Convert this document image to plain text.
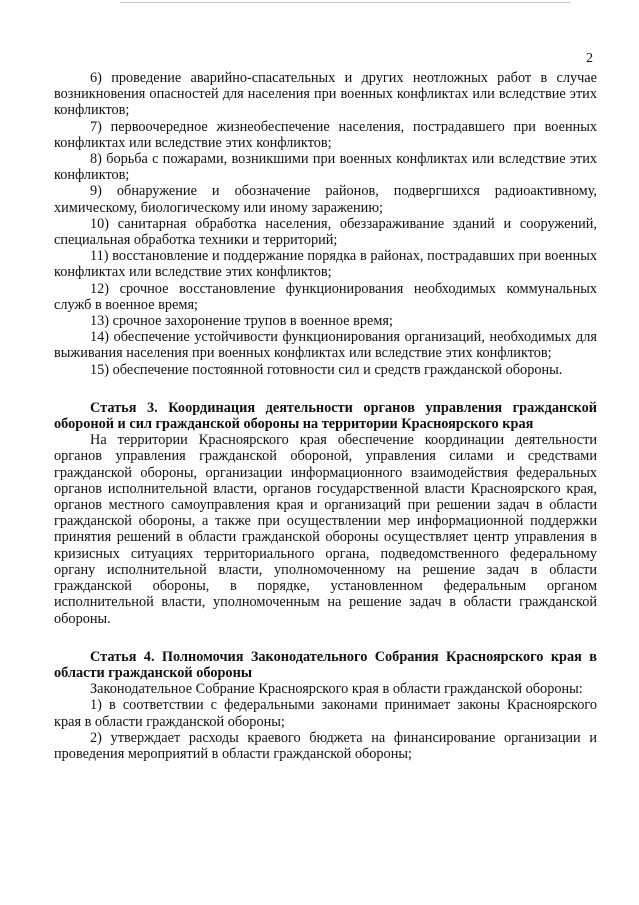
2

6) проведение аварийно-спасательных и других неотложных работ в случае возникновения опасностей для населения при военных конфликтах или вследствие этих конфликтов;

7) первоочередное жизнеобеспечение населения, пострадавшего при военных конфликтах или вследствие этих конфликтов;

8) борьба с пожарами, возникшими при военных конфликтах или вследствие этих конфликтов;

9) обнаружение и обозначение районов, подвергшихся радиоактивному, химическому, биологическому или иному заражению;

10) санитарная обработка населения, обеззараживание зданий и сооружений, специальная обработка техники и территорий;

11) восстановление и поддержание порядка в районах, пострадавших при военных конфликтах или вследствие этих конфликтов;

12) срочное восстановление функционирования необходимых коммунальных служб в военное время;

13) срочное захоронение трупов в военное время;

14) обеспечение устойчивости функционирования организаций, необходимых для выживания населения при военных конфликтах или вследствие этих конфликтов;

15) обеспечение постоянной готовности сил и средств гражданской обороны.

Статья 3. Координация деятельности органов управления гражданской обороной и сил гражданской обороны на территории Красноярского края

На территории Красноярского края обеспечение координации деятельности органов управления гражданской обороной, управления силами и средствами гражданской обороны, организации информационного взаимодействия федеральных органов исполнительной власти, органов государственной власти Красноярского края, органов местного самоуправления края и организаций при решении задач в области гражданской обороны, а также при осуществлении мер информационной поддержки принятия решений в области гражданской обороны осуществляет центр управления в кризисных ситуациях территориального органа, подведомственного федеральному органу исполнительной власти, уполномоченному на решение задач в области гражданской обороны, в порядке, установленном федеральным органом исполнительной власти, уполномоченным на решение задач в области гражданской обороны.

Статья 4. Полномочия Законодательного Собрания Красноярского края в области гражданской обороны

Законодательное Собрание Красноярского края в области гражданской обороны:

1) в соответствии с федеральными законами принимает законы Красноярского края в области гражданской обороны;

2) утверждает расходы краевого бюджета на финансирование организации и проведения мероприятий в области гражданской обороны;
